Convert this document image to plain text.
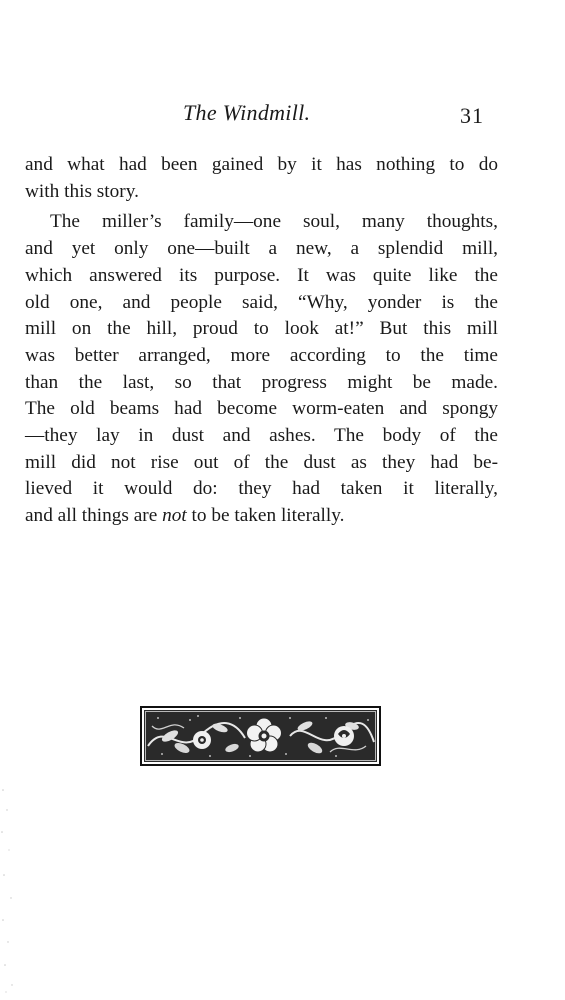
The Windmill.	31
and what had been gained by it has nothing to do
with this story.
The miller’s family—one soul, many thoughts,
and yet only one—built a new, a splendid mill,
which answered its purpose. It was quite like the
old one, and people said, “Why, yonder is the
mill on the hill, proud to look at!” But this mill
was better arranged, more according to the time
than the last, so that progress might be made.
The old beams had become worm-eaten and spongy
—they lay in dust and ashes. The body of the
mill did not rise out of the dust as they had be-
lieved it would do: they had taken it literally,
and all things are not to be taken literally.
